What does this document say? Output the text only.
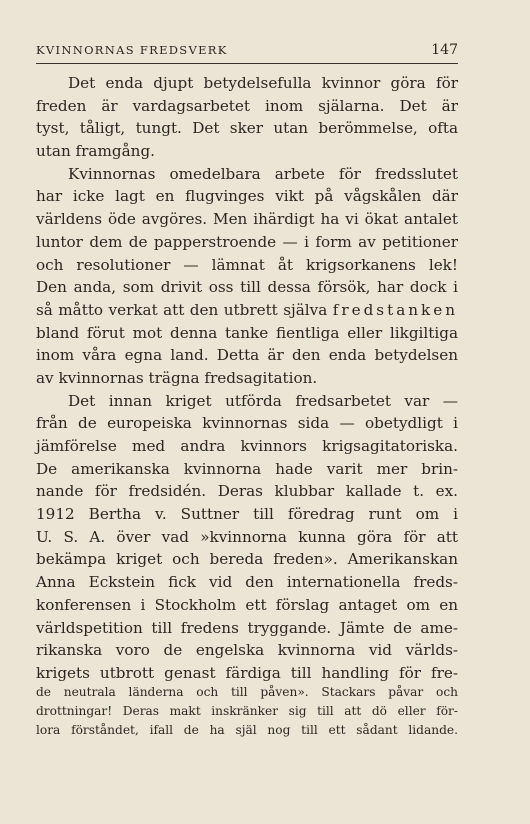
KVINNORNAS FREDSVERK	147
Det enda djupt betydelsefulla kvinnor göra för
freden är vardagsarbetet inom själarna. Det är
tyst, tåligt, tungt. Det sker utan berömmelse, ofta
utan framgång.
Kvinnornas omedelbara arbete för fredsslutet
har icke lagt en flugvinges vikt på vågskålen där
världens öde avgöres. Men ihärdigt ha vi ökat antalet
luntor dem de papperstroende — i form av petitioner
och resolutioner — lämnat åt krigsorkanens lek!
Den anda, som drivit oss till dessa försök, har dock i
så måtto verkat att den utbrett själva fredstanken
bland förut mot denna tanke fientliga eller likgiltiga
inom våra egna land. Detta är den enda betydelsen
av kvinnornas trägna fredsagitation.
Det innan kriget utförda fredsarbetet var —
från de europeiska kvinnornas sida — obetydligt i
jämförelse med andra kvinnors krigsagitatoriska.
De amerikanska kvinnorna hade varit mer brin-
nande för fredsidén. Deras klubbar kallade t. ex.
1912 Bertha v. Suttner till föredrag runt om i
U. S. A. över vad »kvinnorna kunna göra för att
bekämpa kriget och bereda freden». Amerikanskan
Anna Eckstein fick vid den internationella freds-
konferensen i Stockholm ett förslag antaget om en
världspetition till fredens tryggande. Jämte de ame-
rikanska voro de engelska kvinnorna vid världs-
krigets utbrott genast färdiga till handling för fre-
de neutrala länderna och till påven». Stackars påvar och
drottningar! Deras makt inskränker sig till att dö eller för-
lora förståndet, ifall de ha själ nog till ett sådant lidande.
